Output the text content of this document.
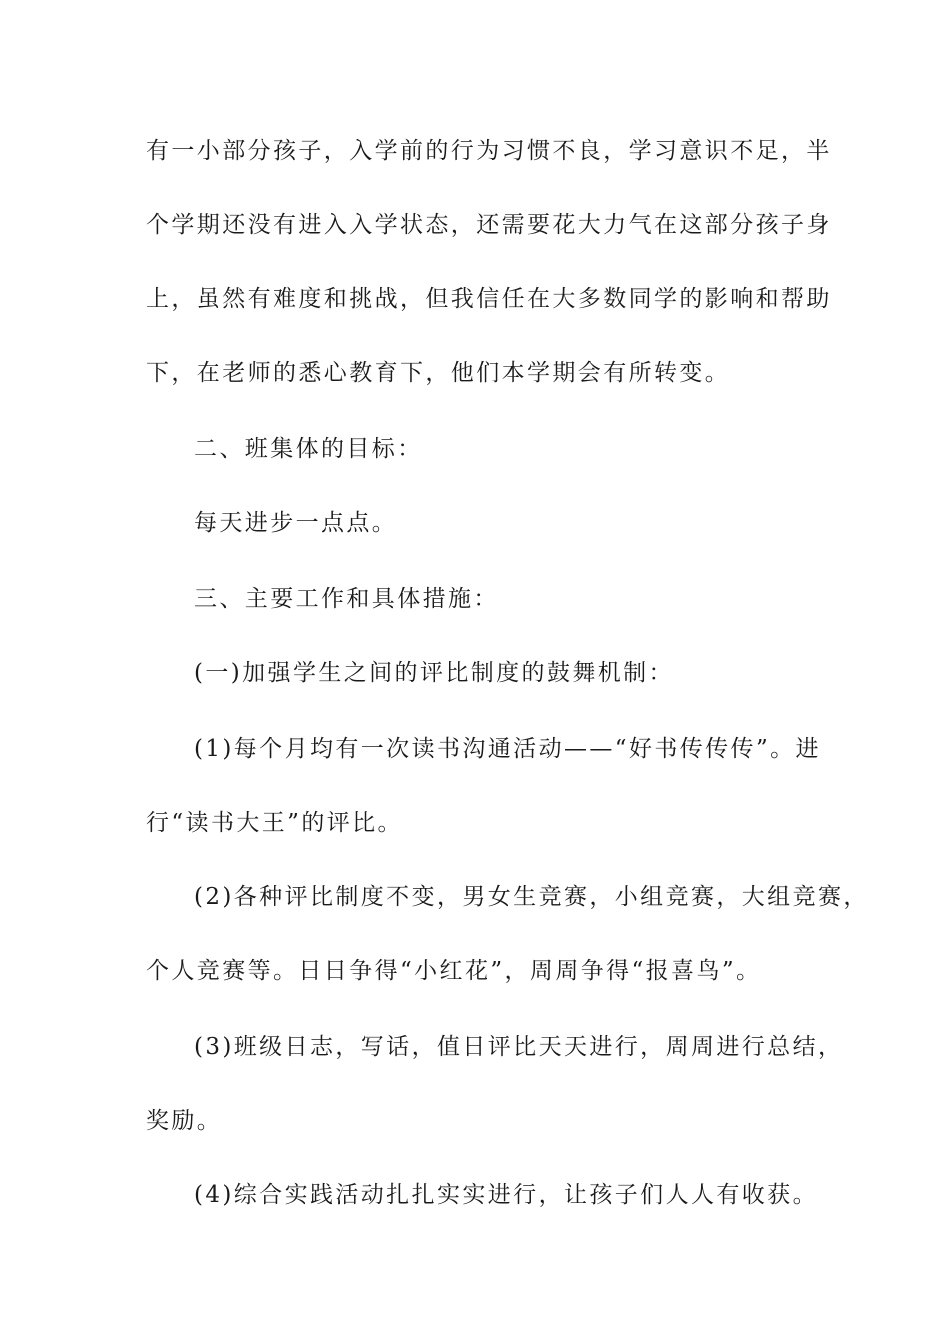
有一小部分孩子，入学前的行为习惯不良，学习意识不足，半
个学期还没有进入入学状态，还需要花大力气在这部分孩子身
上，虽然有难度和挑战，但我信任在大多数同学的影响和帮助
下，在老师的悉心教育下，他们本学期会有所转变。
二、班集体的目标：
每天进步一点点。
三、主要工作和具体措施：
(一)加强学生之间的评比制度的鼓舞机制：
(1)每个月均有一次读书沟通活动——“好书传传传”。进
行“读书大王”的评比。
(2)各种评比制度不变，男女生竞赛，小组竞赛，大组竞赛，
个人竞赛等。日日争得“小红花”，周周争得“报喜鸟”。
(3)班级日志，写话，值日评比天天进行，周周进行总结，
奖励。
(4)综合实践活动扎扎实实进行，让孩子们人人有收获。
